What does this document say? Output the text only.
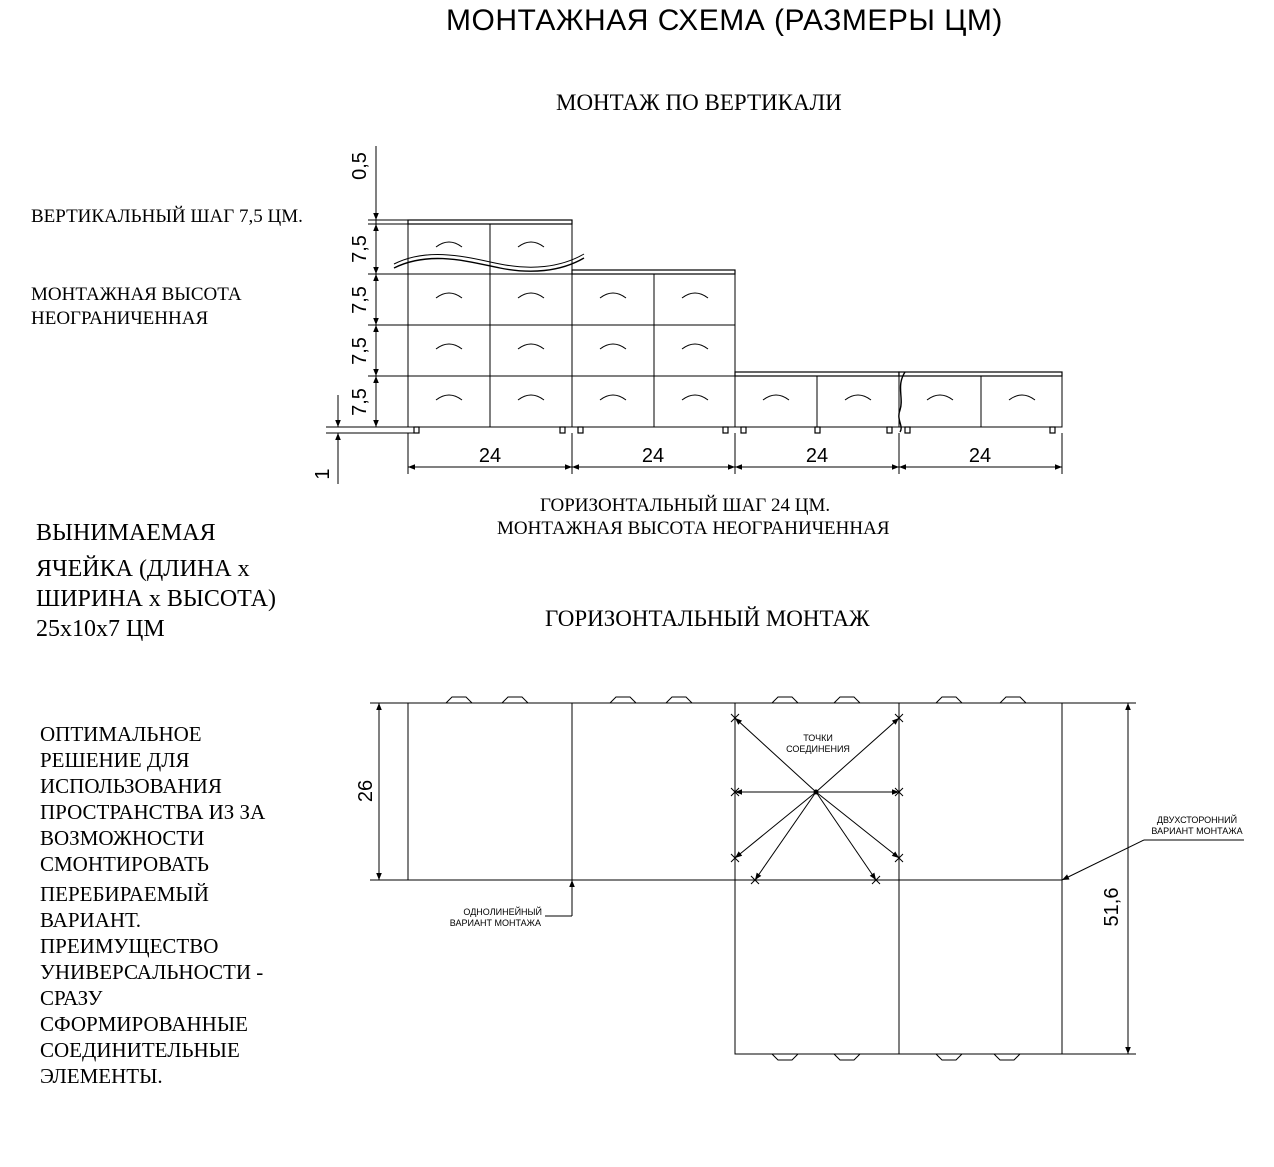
МОНТАЖНАЯ СХЕМА (РАЗМЕРЫ ЦМ)
МОНТАЖ ПО ВЕРТИКАЛИ
ВЕРТИКАЛЬНЫЙ ШАГ 7,5 ЦМ.
МОНТАЖНАЯ ВЫСОТА
НЕОГРАНИЧЕННАЯ
ГОРИЗОНТАЛЬНЫЙ ШАГ 24 ЦМ.
МОНТАЖНАЯ ВЫСОТА НЕОГРАНИЧЕННАЯ
ВЫНИМАЕМАЯ
ЯЧЕЙКА (ДЛИНА х
ШИРИНА х ВЫСОТА)
25х10х7 ЦМ	ГОРИЗОНТАЛЬНЫЙ МОНТАЖ
ОПТИМАЛЬНОЕ
РЕШЕНИЕ ДЛЯ
ИСПОЛЬЗОВАНИЯ
ПРОСТРАНСТВА ИЗ ЗА
ВОЗМОЖНОСТИ
СМОНТИРОВАТЬ
ПЕРЕБИРАЕМЫЙ
ВАРИАНТ.
ПРЕИМУЩЕСТВО
УНИВЕРСАЛЬНОСТИ -
СРАЗУ
СФОРМИРОВАННЫЕ
СОЕДИНИТЕЛЬНЫЕ
ЭЛЕМЕНТЫ.
0,5
7,5
7,5
7,5
7,5
1
24	24	24	24
ТОЧКИ
СОЕДИНЕНИЯ
26
51,6
ОДНОЛИНЕЙНЫЙ
ВАРИАНТ МОНТАЖА
ДВУХСТОРОННИЙ
ВАРИАНТ МОНТАЖА
